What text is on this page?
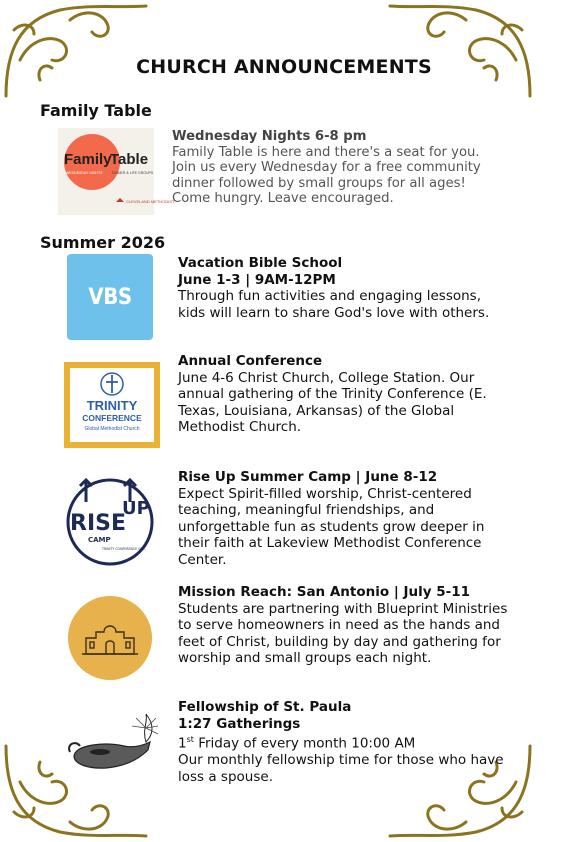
CHURCH ANNOUNCEMENTS
Family Table
Family
Table
WEDNESDAY NIGHTS	DINNER & LIFE GROUPS
CLEVELAND METHODIST
Wednesday Nights 6-8 pm
Family Table is here and there's a seat for you. Join us every Wednesday for a free community dinner followed by small groups for all ages! Come hungry. Leave encouraged.
Summer 2026
VBS
Vacation Bible School
June 1-3 | 9AM-12PM
Through fun activities and engaging lessons, kids will learn to share God's love with others.
TRINITY
CONFERENCE
Global Methodist Church
Annual Conference
June 4-6 Christ Church, College Station. Our annual gathering of the Trinity Conference (E. Texas, Louisiana, Arkansas) of the Global Methodist Church.
RISE
UP
CAMP
TRINITY CONFERENCE GMC
Rise Up Summer Camp | June 8-12
Expect Spirit-filled worship, Christ-centered teaching, meaningful friendships, and unforgettable fun as students grow deeper in their faith at Lakeview Methodist Conference Center.
Mission Reach: San Antonio | July 5-11
Students are partnering with Blueprint Ministries to serve homeowners in need as the hands and feet of Christ, building by day and gathering for worship and small groups each night.
Fellowship of St. Paula
1:27 Gatherings
1st Friday of every month 10:00 AM
Our monthly fellowship time for those who have loss a spouse.
